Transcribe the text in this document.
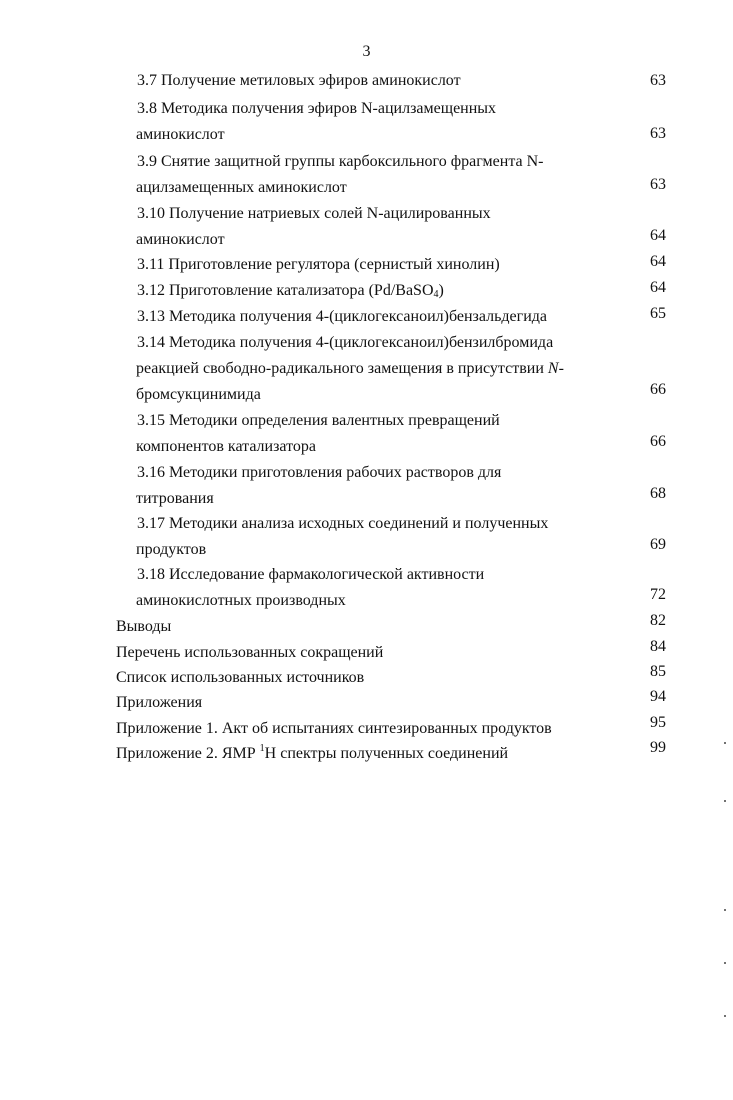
3
3.7 Получение метиловых эфиров аминокислот	63
3.8 Методика получения эфиров N-ацилзамещенных
аминокислот	63
3.9 Снятие защитной группы карбоксильного фрагмента N-
ацилзамещенных аминокислот	63
3.10 Получение натриевых солей N-ацилированных
аминокислот	64
3.11 Приготовление регулятора (сернистый хинолин)	64
3.12 Приготовление катализатора (Pd/BaSO$_4$)	64
3.13 Методика получения 4-(циклогексаноил)бензальдегида	65
3.14 Методика получения 4-(циклогексаноил)бензилбромида
реакцией свободно-радикального замещения в присутствии N-
бромсукцинимида	66
3.15 Методики определения валентных превращений
компонентов катализатора	66
3.16 Методики приготовления рабочих растворов для
титрования	68
3.17 Методики анализа исходных соединений и полученных
продуктов	69
3.18 Исследование фармакологической активности
аминокислотных производных	72
Выводы	82
Перечень использованных сокращений	84
Список использованных источников	85
Приложения	94
Приложение 1. Акт об испытаниях синтезированных продуктов	95
Приложение 2. ЯМР $^1$H спектры полученных соединений	99
